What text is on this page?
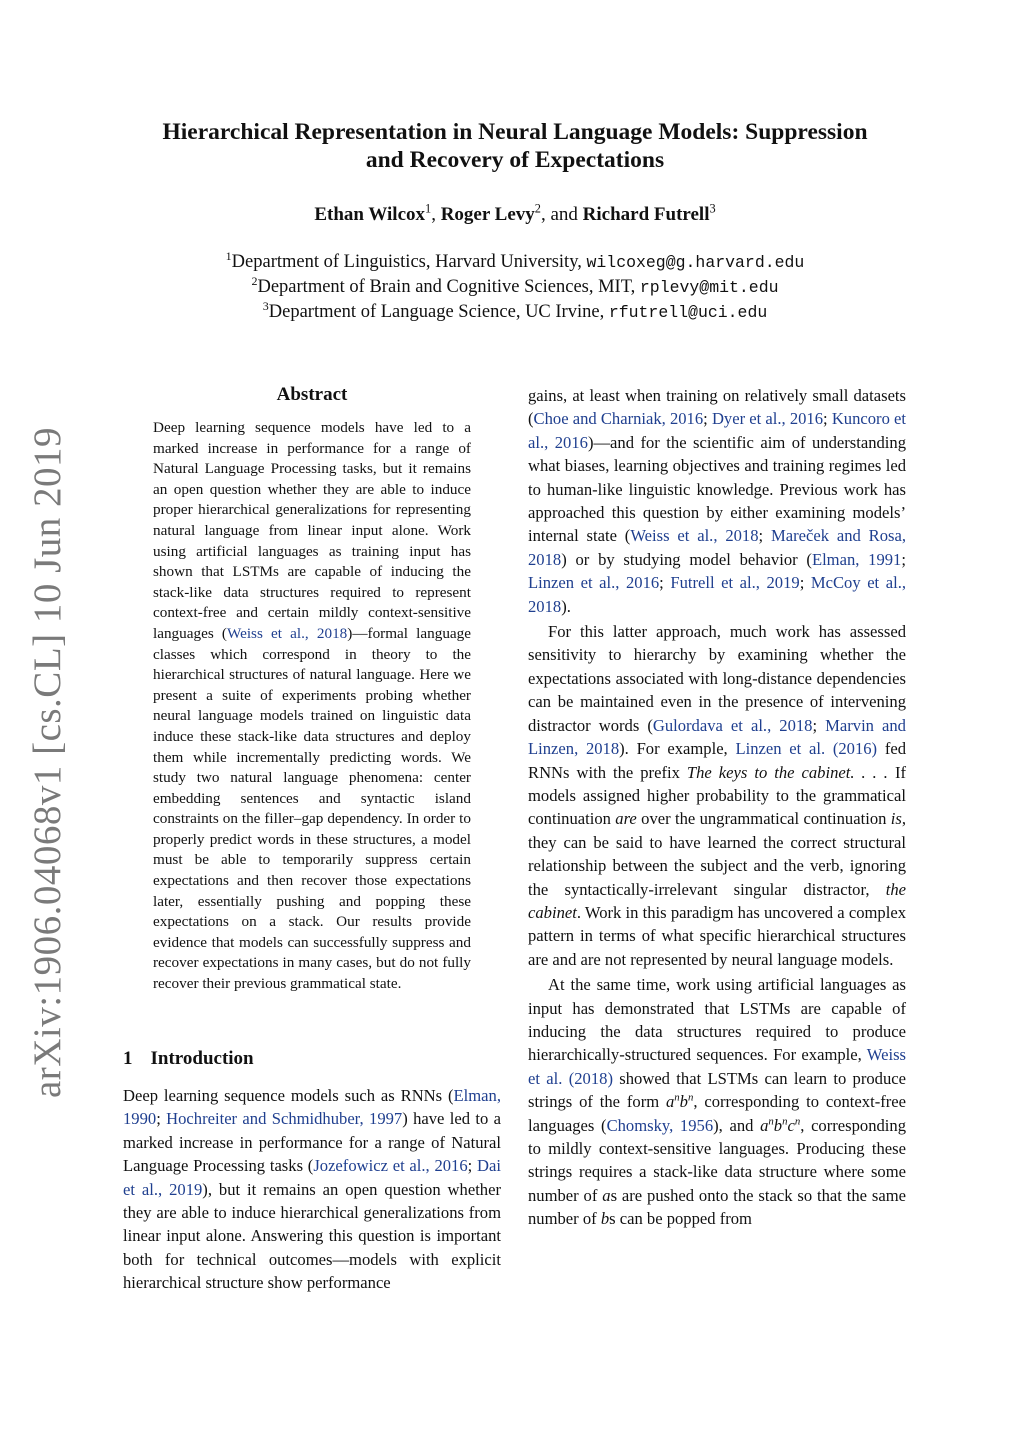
arXiv:1906.04068v1 [cs.CL] 10 Jun 2019
Hierarchical Representation in Neural Language Models: Suppression
and Recovery of Expectations
Ethan Wilcox$^1$, Roger Levy$^2$, and Richard Futrell$^3$
$^1$Department of Linguistics, Harvard University, wilcoxeg@g.harvard.edu
$^2$Department of Brain and Cognitive Sciences, MIT, rplevy@mit.edu
$^3$Department of Language Science, UC Irvine, rfutrell@uci.edu
Abstract

Deep learning sequence models have led to a marked increase in performance for a range of Natural Language Processing tasks, but it remains an open question whether they are able to induce proper hierarchical generalizations for representing natural language from linear input alone. Work using artificial languages as training input has shown that LSTMs are capable of inducing the stack-like data structures required to represent context-free and certain mildly context-sensitive languages (Weiss et al., 2018)—formal language classes which correspond in theory to the hierarchical structures of natural language. Here we present a suite of experiments probing whether neural language models trained on linguistic data induce these stack-like data structures and deploy them while incrementally predicting words. We study two natural language phenomena: center embedding sentences and syntactic island constraints on the filler–gap dependency. In order to properly predict words in these structures, a model must be able to temporarily suppress certain expectations and then recover those expectations later, essentially pushing and popping these expectations on a stack. Our results provide evidence that models can successfully suppress and recover expectations in many cases, but do not fully recover their previous grammatical state.

1 Introduction

Deep learning sequence models such as RNNs (Elman, 1990; Hochreiter and Schmidhuber, 1997) have led to a marked increase in performance for a range of Natural Language Processing tasks (Jozefowicz et al., 2016; Dai et al., 2019), but it remains an open question whether they are able to induce hierarchical generalizations from linear input alone. Answering this question is important both for technical outcomes—models with explicit hierarchical structure show performance

gains, at least when training on relatively small datasets (Choe and Charniak, 2016; Dyer et al., 2016; Kuncoro et al., 2016)—and for the scientific aim of understanding what biases, learning objectives and training regimes led to human-like linguistic knowledge. Previous work has approached this question by either examining models’ internal state (Weiss et al., 2018; Mareček and Rosa, 2018) or by studying model behavior (Elman, 1991; Linzen et al., 2016; Futrell et al., 2019; McCoy et al., 2018).

For this latter approach, much work has assessed sensitivity to hierarchy by examining whether the expectations associated with long-distance dependencies can be maintained even in the presence of intervening distractor words (Gulordava et al., 2018; Marvin and Linzen, 2018). For example, Linzen et al. (2016) fed RNNs with the prefix The keys to the cabinet. . . . If models assigned higher probability to the grammatical continuation are over the ungrammatical continuation is, they can be said to have learned the correct structural relationship between the subject and the verb, ignoring the syntactically-irrelevant singular distractor, the cabinet. Work in this paradigm has uncovered a complex pattern in terms of what specific hierarchical structures are and are not represented by neural language models.

At the same time, work using artificial languages as input has demonstrated that LSTMs are capable of inducing the data structures required to produce hierarchically-structured sequences. For example, Weiss et al. (2018) showed that LSTMs can learn to produce strings of the form $a^nb^n$, corresponding to context-free languages (Chomsky, 1956), and $a^nb^nc^n$, corresponding to mildly context-sensitive languages. Producing these strings requires a stack-like data structure where some number of as are pushed onto the stack so that the same number of bs can be popped from
